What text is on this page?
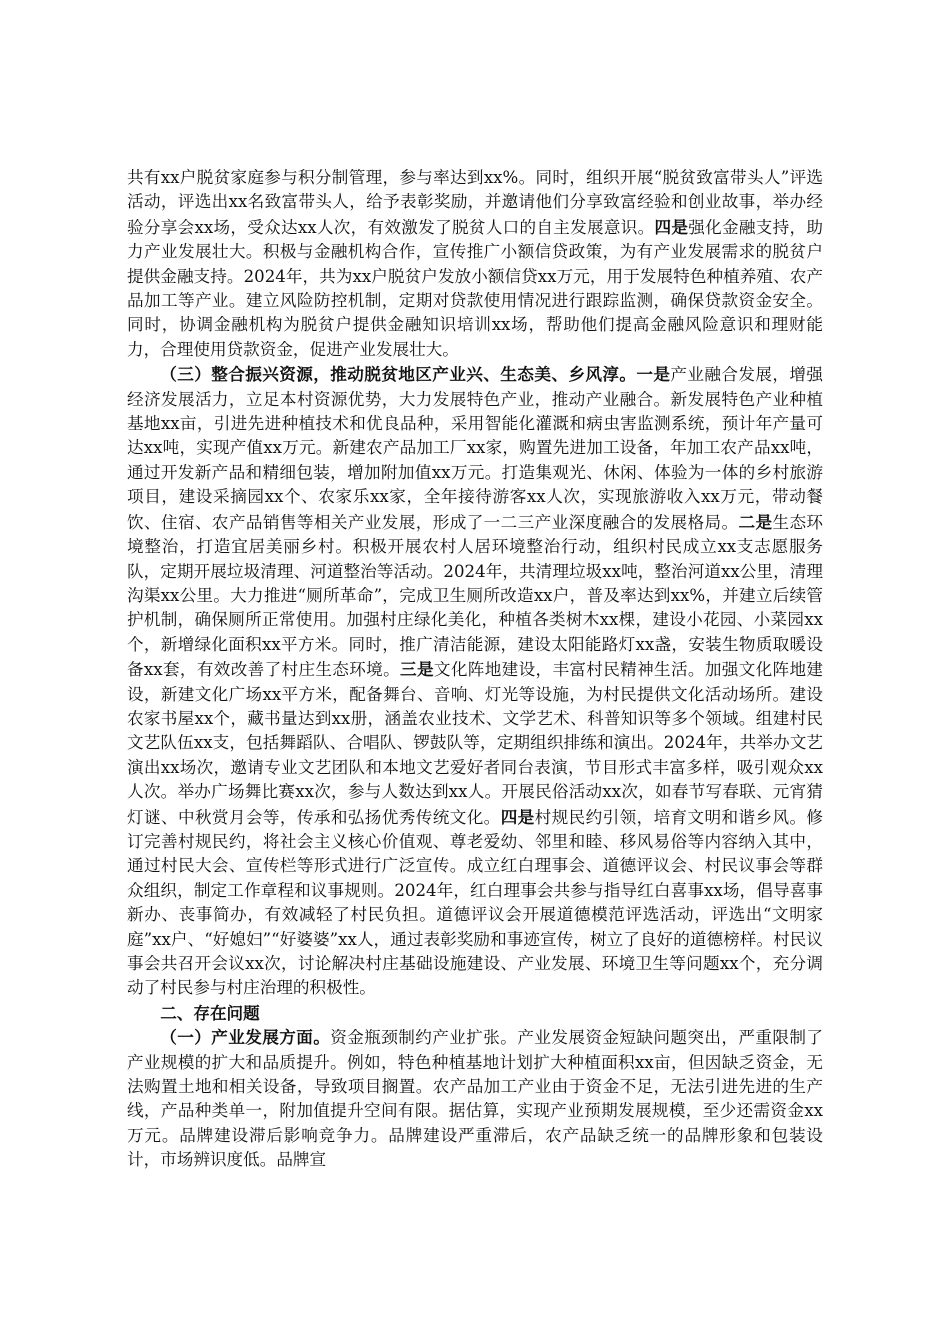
共有xx户脱贫家庭参与积分制管理，参与率达到xx%。同时，组织开展“脱贫致富带头人”评选活动，评选出xx名致富带头人，给予表彰奖励，并邀请他们分享致富经验和创业故事，举办经验分享会xx场，受众达xx人次，有效激发了脱贫人口的自主发展意识。四是强化金融支持，助力产业发展壮大。积极与金融机构合作，宣传推广小额信贷政策，为有产业发展需求的脱贫户提供金融支持。2024年，共为xx户脱贫户发放小额信贷xx万元，用于发展特色种植养殖、农产品加工等产业。建立风险防控机制，定期对贷款使用情况进行跟踪监测，确保贷款资金安全。同时，协调金融机构为脱贫户提供金融知识培训xx场，帮助他们提高金融风险意识和理财能力，合理使用贷款资金，促进产业发展壮大。

（三）整合振兴资源，推动脱贫地区产业兴、生态美、乡风淳。一是产业融合发展，增强经济发展活力，立足本村资源优势，大力发展特色产业，推动产业融合。新发展特色产业种植基地xx亩，引进先进种植技术和优良品种，采用智能化灌溉和病虫害监测系统，预计年产量可达xx吨，实现产值xx万元。新建农产品加工厂xx家，购置先进加工设备，年加工农产品xx吨，通过开发新产品和精细包装，增加附加值xx万元。打造集观光、休闲、体验为一体的乡村旅游项目，建设采摘园xx个、农家乐xx家，全年接待游客xx人次，实现旅游收入xx万元，带动餐饮、住宿、农产品销售等相关产业发展，形成了一二三产业深度融合的发展格局。二是生态环境整治，打造宜居美丽乡村。积极开展农村人居环境整治行动，组织村民成立xx支志愿服务队，定期开展垃圾清理、河道整治等活动。2024年，共清理垃圾xx吨，整治河道xx公里，清理沟渠xx公里。大力推进“厕所革命”，完成卫生厕所改造xx户，普及率达到xx%，并建立后续管护机制，确保厕所正常使用。加强村庄绿化美化，种植各类树木xx棵，建设小花园、小菜园xx个，新增绿化面积xx平方米。同时，推广清洁能源，建设太阳能路灯xx盏，安装生物质取暖设备xx套，有效改善了村庄生态环境。三是文化阵地建设，丰富村民精神生活。加强文化阵地建设，新建文化广场xx平方米，配备舞台、音响、灯光等设施，为村民提供文化活动场所。建设农家书屋xx个，藏书量达到xx册，涵盖农业技术、文学艺术、科普知识等多个领域。组建村民文艺队伍xx支，包括舞蹈队、合唱队、锣鼓队等，定期组织排练和演出。2024年，共举办文艺演出xx场次，邀请专业文艺团队和本地文艺爱好者同台表演，节目形式丰富多样，吸引观众xx人次。举办广场舞比赛xx次，参与人数达到xx人。开展民俗活动xx次，如春节写春联、元宵猜灯谜、中秋赏月会等，传承和弘扬优秀传统文化。四是村规民约引领，培育文明和谐乡风。修订完善村规民约，将社会主义核心价值观、尊老爱幼、邻里和睦、移风易俗等内容纳入其中，通过村民大会、宣传栏等形式进行广泛宣传。成立红白理事会、道德评议会、村民议事会等群众组织，制定工作章程和议事规则。2024年，红白理事会共参与指导红白喜事xx场，倡导喜事新办、丧事简办，有效减轻了村民负担。道德评议会开展道德模范评选活动，评选出“文明家庭”xx户、“好媳妇”“好婆婆”xx人，通过表彰奖励和事迹宣传，树立了良好的道德榜样。村民议事会共召开会议xx次，讨论解决村庄基础设施建设、产业发展、环境卫生等问题xx个，充分调动了村民参与村庄治理的积极性。

二、存在问题

（一）产业发展方面。资金瓶颈制约产业扩张。产业发展资金短缺问题突出，严重限制了产业规模的扩大和品质提升。例如，特色种植基地计划扩大种植面积xx亩，但因缺乏资金，无法购置土地和相关设备，导致项目搁置。农产品加工产业由于资金不足，无法引进先进的生产线，产品种类单一，附加值提升空间有限。据估算，实现产业预期发展规模，至少还需资金xx万元。品牌建设滞后影响竞争力。品牌建设严重滞后，农产品缺乏统一的品牌形象和包装设计，市场辨识度低。品牌宣
